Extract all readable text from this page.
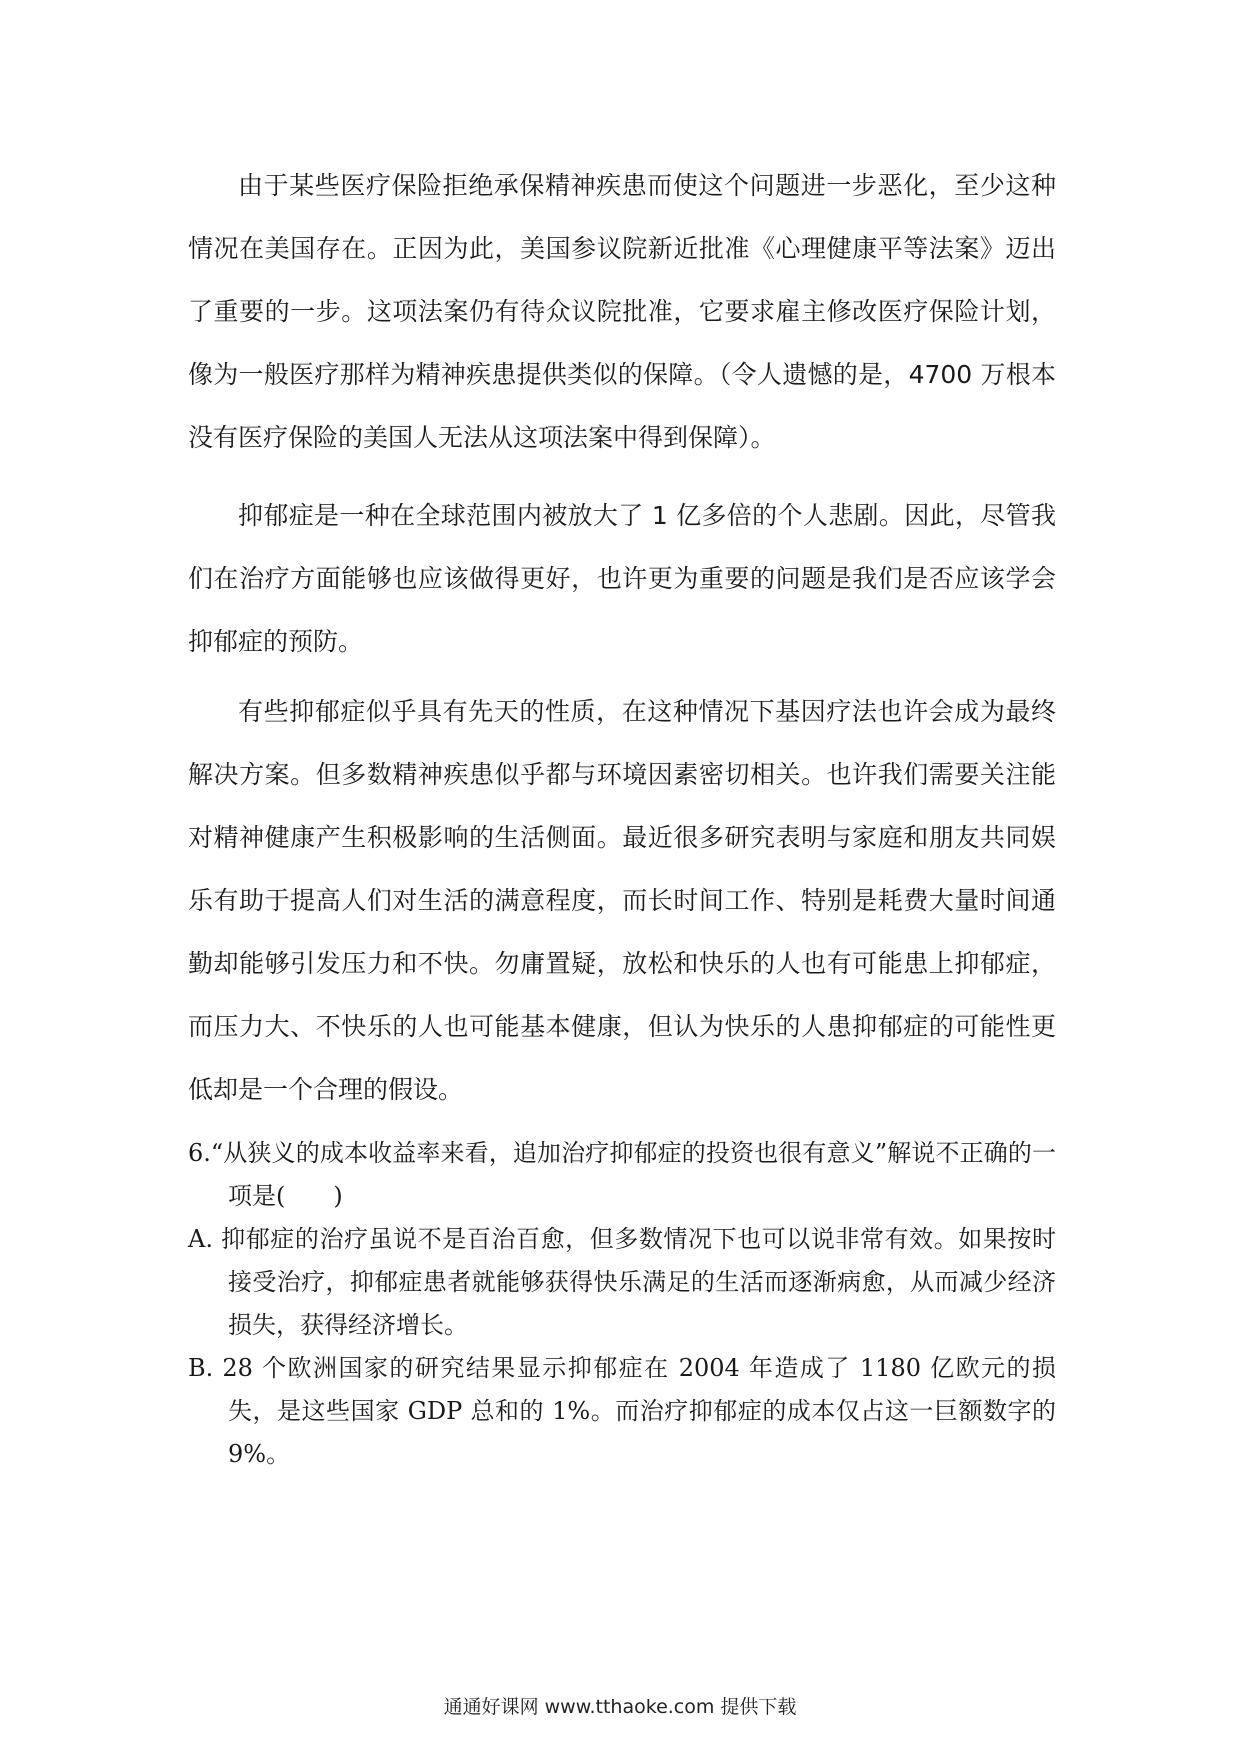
由于某些医疗保险拒绝承保精神疾患而使这个问题进一步恶化，至少这种情况在美国存在。正因为此，美国参议院新近批准《心理健康平等法案》迈出了重要的一步。这项法案仍有待众议院批准，它要求雇主修改医疗保险计划，像为一般医疗那样为精神疾患提供类似的保障。（令人遗憾的是，4700 万根本没有医疗保险的美国人无法从这项法案中得到保障）。

抑郁症是一种在全球范围内被放大了 1 亿多倍的个人悲剧。因此，尽管我们在治疗方面能够也应该做得更好，也许更为重要的问题是我们是否应该学会抑郁症的预防。

有些抑郁症似乎具有先天的性质，在这种情况下基因疗法也许会成为最终解决方案。但多数精神疾患似乎都与环境因素密切相关。也许我们需要关注能对精神健康产生积极影响的生活侧面。最近很多研究表明与家庭和朋友共同娱乐有助于提高人们对生活的满意程度，而长时间工作、特别是耗费大量时间通勤却能够引发压力和不快。勿庸置疑，放松和快乐的人也有可能患上抑郁症，而压力大、不快乐的人也可能基本健康，但认为快乐的人患抑郁症的可能性更低却是一个合理的假设。

6.“从狭义的成本收益率来看，追加治疗抑郁症的投资也很有意义”解说不正确的一项是(　　)

A. 抑郁症的治疗虽说不是百治百愈，但多数情况下也可以说非常有效。如果按时接受治疗，抑郁症患者就能够获得快乐满足的生活而逐渐病愈，从而减少经济损失，获得经济增长。

B. 28 个欧洲国家的研究结果显示抑郁症在 2004 年造成了 1180 亿欧元的损失，是这些国家 GDP 总和的 1%。而治疗抑郁症的成本仅占这一巨额数字的 9%。

通通好课网 www.tthaoke.com 提供下载
